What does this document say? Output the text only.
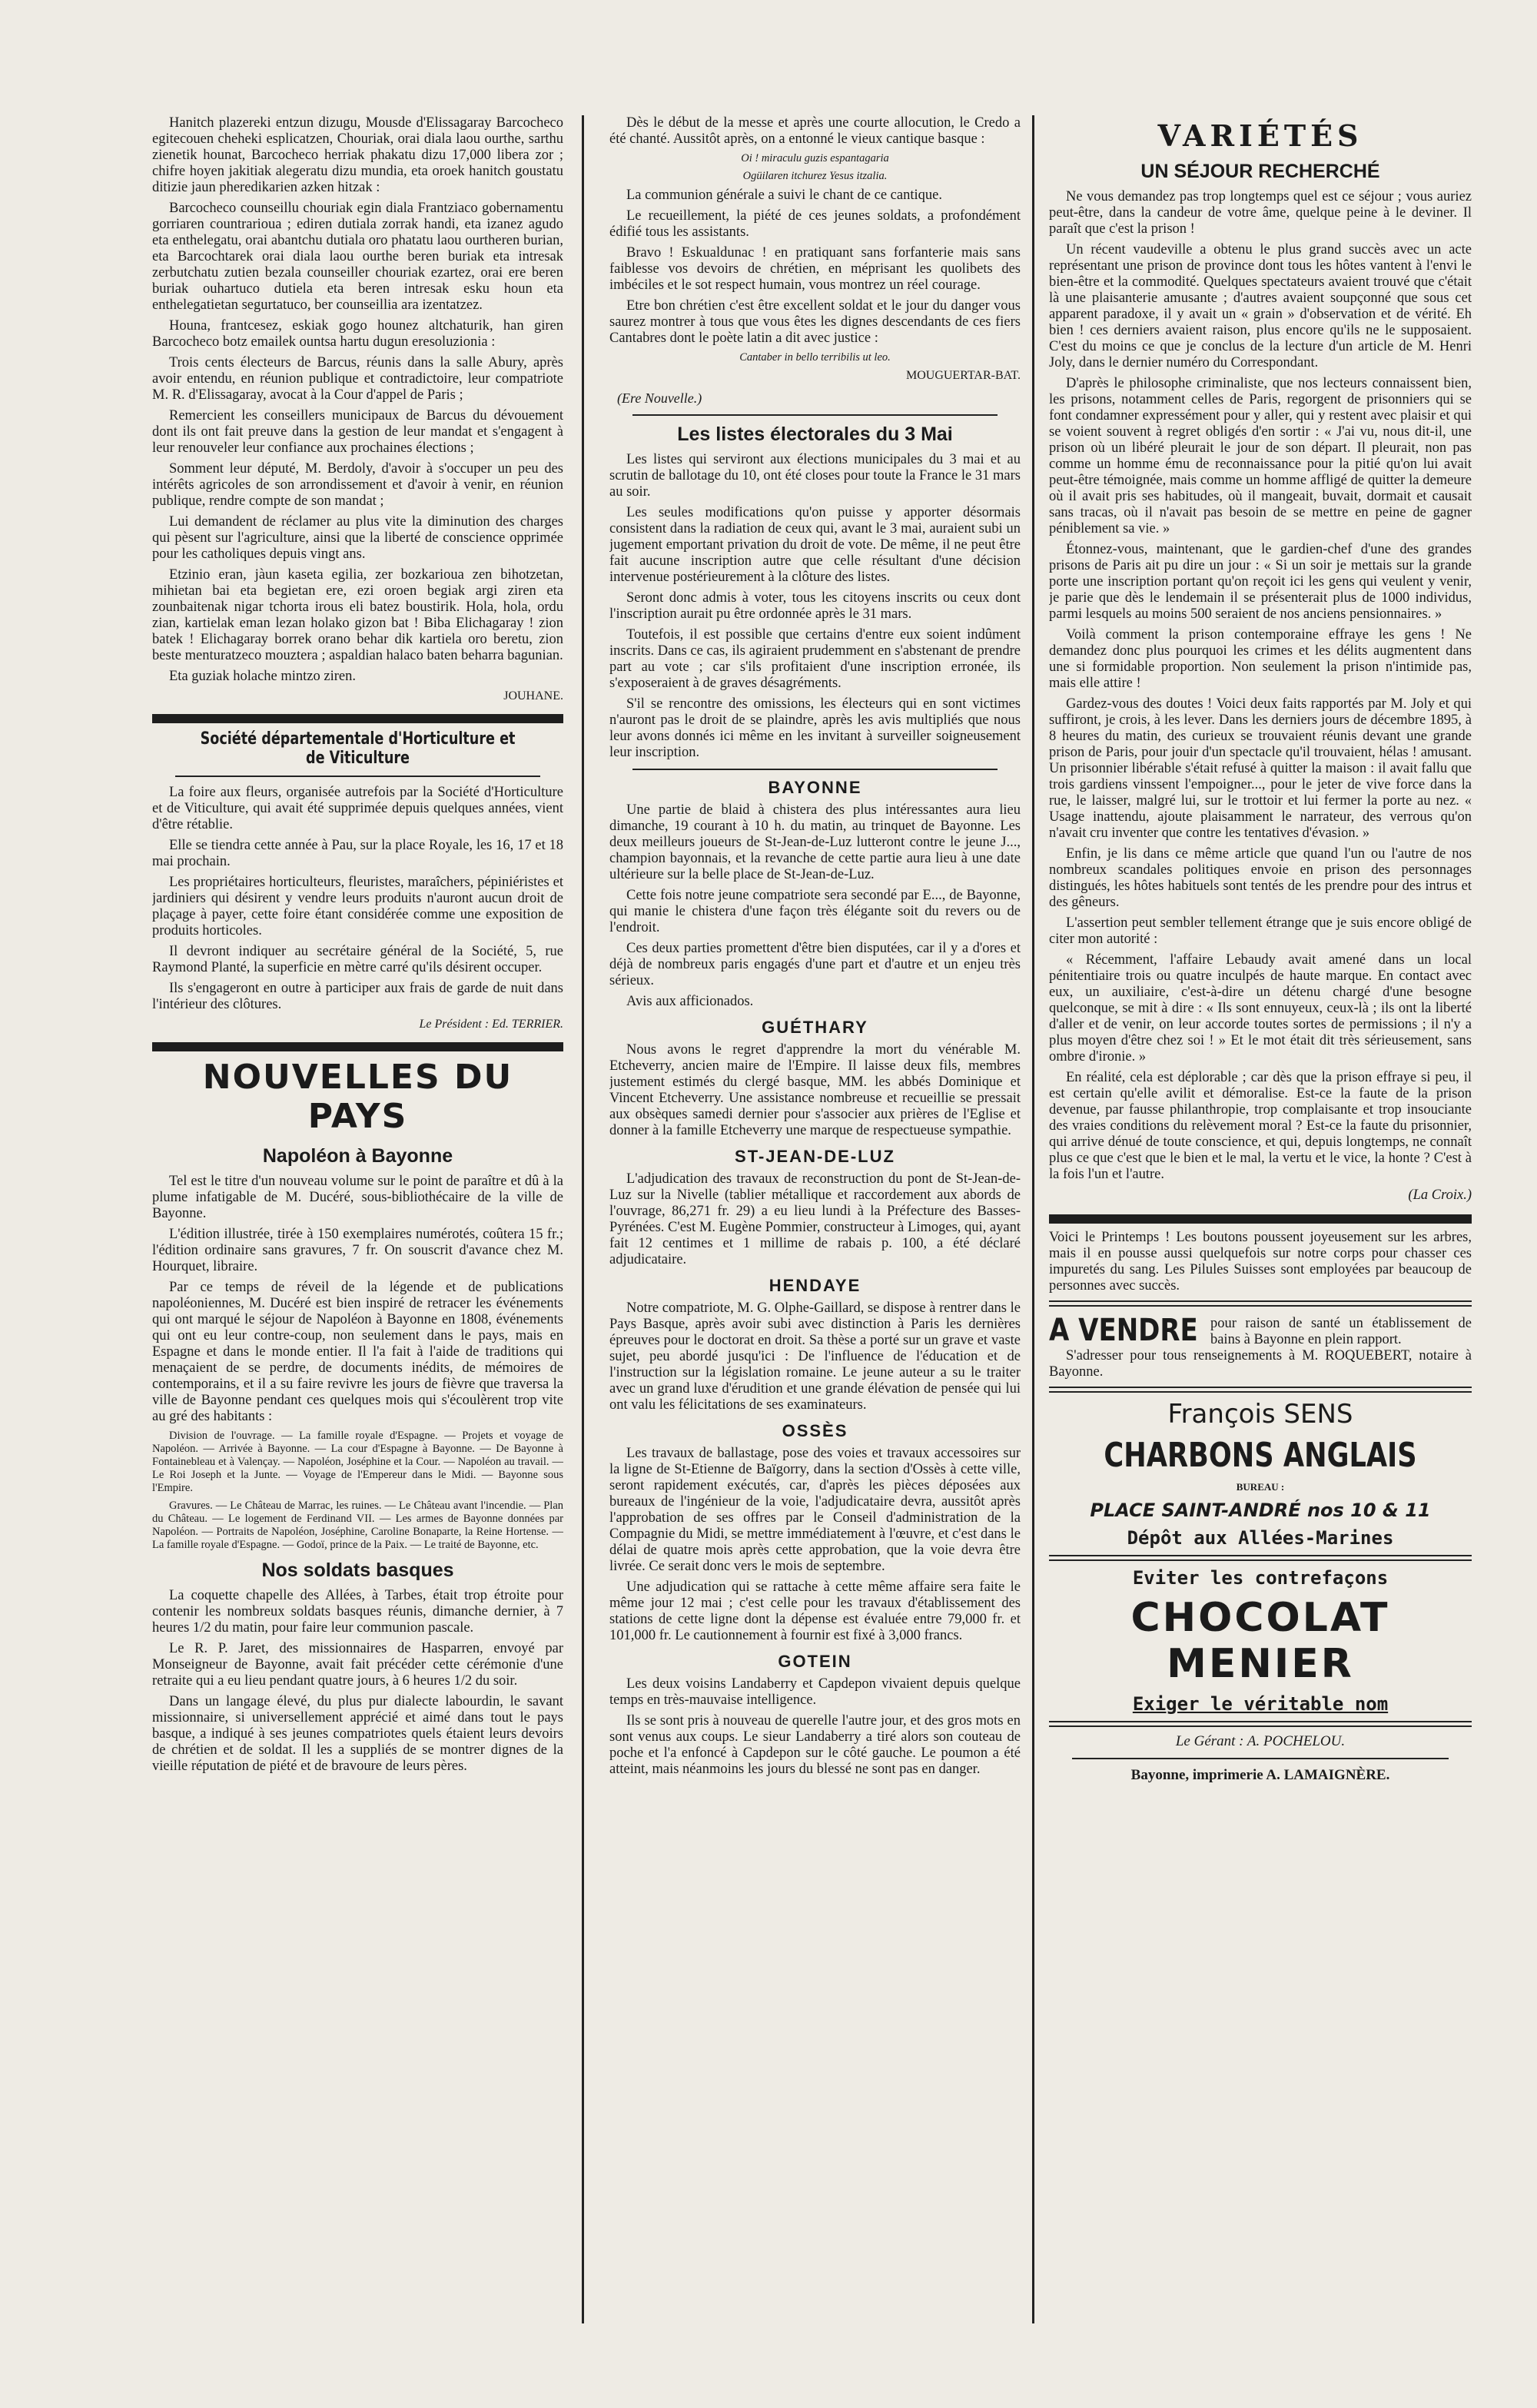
Hanitch plazereki entzun dizugu, Mousde d'Elissagaray Barcocheco egitecouen cheheki esplicatzen, Chouriak, orai diala laou ourthe, sarthu zienetik hounat, Barcocheco herriak phakatu dizu 17,000 libera zor ; chifre hoyen jakitiak alegeratu dizu mundia, eta oroek hanitch goustatu ditizie jaun pheredikarien azken hitzak :

Barcocheco counseillu chouriak egin diala Frantziaco gobernamentu gorriaren countrarioua ; ediren dutiala zorrak handi, eta izanez agudo eta enthelegatu, orai abantchu dutiala oro phatatu laou ourtheren burian, eta Barcochtarek orai diala laou ourthe beren buriak eta intresak zerbutchatu zutien bezala counseiller chouriak ezartez, orai ere beren buriak ouhartuco dutiela eta beren intresak esku houn eta enthelegatietan segurtatuco, ber counseillia ara izentatzez.

Houna, frantcesez, eskiak gogo hounez altchaturik, han giren Barcocheco botz emailek ountsa hartu dugun eresoluzionia :

Trois cents électeurs de Barcus, réunis dans la salle Abury, après avoir entendu, en réunion publique et contradictoire, leur compatriote M. R. d'Elissagaray, avocat à la Cour d'appel de Paris ;

Remercient les conseillers municipaux de Barcus du dévouement dont ils ont fait preuve dans la gestion de leur mandat et s'engagent à leur renouveler leur confiance aux prochaines élections ;

Somment leur député, M. Berdoly, d'avoir à s'occuper un peu des intérêts agricoles de son arrondissement et d'avoir à venir, en réunion publique, rendre compte de son mandat ;

Lui demandent de réclamer au plus vite la diminution des charges qui pèsent sur l'agriculture, ainsi que la liberté de conscience opprimée pour les catholiques depuis vingt ans.

Etzinio eran, jàun kaseta egilia, zer bozkarioua zen bihotzetan, mihietan bai eta begietan ere, ezi oroen begiak argi ziren eta zounbaitenak nigar tchorta irous eli batez boustirik. Hola, hola, ordu zian, kartielak eman lezan holako gizon bat ! Biba Elichagaray ! zion batek ! Elichagaray borrek orano behar dik kartiela oro beretu, zion beste menturatzeco mouztera ; aspaldian halaco baten beharra bagunian.

Eta guziak holache mintzo ziren.

JOUHANE.
Société départementale d'Horticulture et de Viticulture

La foire aux fleurs, organisée autrefois par la Société d'Horticulture et de Viticulture, qui avait été supprimée depuis quelques années, vient d'être rétablie.

Elle se tiendra cette année à Pau, sur la place Royale, les 16, 17 et 18 mai prochain.

Les propriétaires horticulteurs, fleuristes, maraîchers, pépiniéristes et jardiniers qui désirent y vendre leurs produits n'auront aucun droit de plaçage à payer, cette foire étant considérée comme une exposition de produits horticoles.

Il devront indiquer au secrétaire général de la Société, 5, rue Raymond Planté, la superficie en mètre carré qu'ils désirent occuper.

Ils s'engageront en outre à participer aux frais de garde de nuit dans l'intérieur des clôtures.

Le Président : Ed. TERRIER.
NOUVELLES DU PAYS
Napoléon à Bayonne

Tel est le titre d'un nouveau volume sur le point de paraître et dû à la plume infatigable de M. Ducéré, sous-bibliothécaire de la ville de Bayonne.

L'édition illustrée, tirée à 150 exemplaires numérotés, coûtera 15 fr.; l'édition ordinaire sans gravures, 7 fr. On souscrit d'avance chez M. Hourquet, libraire.

Par ce temps de réveil de la légende et de publications napoléoniennes, M. Ducéré est bien inspiré de retracer les événements qui ont marqué le séjour de Napoléon à Bayonne en 1808, événements qui ont eu leur contre-coup, non seulement dans le pays, mais en Espagne et dans le monde entier. Il l'a fait à l'aide de traditions qui menaçaient de se perdre, de documents inédits, de mémoires de contemporains, et il a su faire revivre les jours de fièvre que traversa la ville de Bayonne pendant ces quelques mois qui s'écoulèrent trop vite au gré des habitants :

Division de l'ouvrage. — La famille royale d'Espagne. — Projets et voyage de Napoléon. — Arrivée à Bayonne. — La cour d'Espagne à Bayonne. — De Bayonne à Fontainebleau et à Valençay. — Napoléon, Joséphine et la Cour. — Napoléon au travail. — Le Roi Joseph et la Junte. — Voyage de l'Empereur dans le Midi. — Bayonne sous l'Empire.

Gravures. — Le Château de Marrac, les ruines. — Le Château avant l'incendie. — Plan du Château. — Le logement de Ferdinand VII. — Les armes de Bayonne données par Napoléon. — Portraits de Napoléon, Joséphine, Caroline Bonaparte, la Reine Hortense. — La famille royale d'Espagne. — Godoï, prince de la Paix. — Le traité de Bayonne, etc.

Nos soldats basques

La coquette chapelle des Allées, à Tarbes, était trop étroite pour contenir les nombreux soldats basques réunis, dimanche dernier, à 7 heures 1/2 du matin, pour faire leur communion pascale.

Le R. P. Jaret, des missionnaires de Hasparren, envoyé par Monseigneur de Bayonne, avait fait précéder cette cérémonie d'une retraite qui a eu lieu pendant quatre jours, à 6 heures 1/2 du soir.

Dans un langage élevé, du plus pur dialecte labourdin, le savant missionnaire, si universellement apprécié et aimé dans tout le pays basque, a indiqué à ses jeunes compatriotes quels étaient leurs devoirs de chrétien et de soldat. Il les a suppliés de se montrer dignes de la vieille réputation de piété et de bravoure de leurs pères.

Dès le début de la messe et après une courte allocution, le Credo a été chanté. Aussitôt après, on a entonné le vieux cantique basque :

Oi ! miraculu guzis espantagaria

Ogüilaren itchurez Yesus itzalia.

La communion générale a suivi le chant de ce cantique.

Le recueillement, la piété de ces jeunes soldats, a profondément édifié tous les assistants.

Bravo ! Eskualdunac ! en pratiquant sans forfanterie mais sans faiblesse vos devoirs de chrétien, en méprisant les quolibets des imbéciles et le sot respect humain, vous montrez un réel courage.

Etre bon chrétien c'est être excellent soldat et le jour du danger vous saurez montrer à tous que vous êtes les dignes descendants de ces fiers Cantabres dont le poète latin a dit avec justice :

Cantaber in bello terribilis ut leo.

MOUGUERTAR-BAT.
(Ere Nouvelle.)
Les listes électorales du 3 Mai

Les listes qui serviront aux élections municipales du 3 mai et au scrutin de ballotage du 10, ont été closes pour toute la France le 31 mars au soir.

Les seules modifications qu'on puisse y apporter désormais consistent dans la radiation de ceux qui, avant le 3 mai, auraient subi un jugement emportant privation du droit de vote. De même, il ne peut être fait aucune inscription autre que celle résultant d'une décision intervenue postérieurement à la clôture des listes.

Seront donc admis à voter, tous les citoyens inscrits ou ceux dont l'inscription aurait pu être ordonnée après le 31 mars.

Toutefois, il est possible que certains d'entre eux soient indûment inscrits. Dans ce cas, ils agiraient prudemment en s'abstenant de prendre part au vote ; car s'ils profitaient d'une inscription erronée, ils s'exposeraient à de graves désagréments.

S'il se rencontre des omissions, les électeurs qui en sont victimes n'auront pas le droit de se plaindre, après les avis multipliés que nous leur avons donnés ici même en les invitant à surveiller soigneusement leur inscription.

BAYONNE

Une partie de blaid à chistera des plus intéressantes aura lieu dimanche, 19 courant à 10 h. du matin, au trinquet de Bayonne. Les deux meilleurs joueurs de St-Jean-de-Luz lutteront contre le jeune J..., champion bayonnais, et la revanche de cette partie aura lieu à une date ultérieure sur la belle place de St-Jean-de-Luz.

Cette fois notre jeune compatriote sera secondé par E..., de Bayonne, qui manie le chistera d'une façon très élégante soit du revers ou de l'endroit.

Ces deux parties promettent d'être bien disputées, car il y a d'ores et déjà de nombreux paris engagés d'une part et d'autre et un enjeu très sérieux.

Avis aux afficionados.

GUÉTHARY

Nous avons le regret d'apprendre la mort du vénérable M. Etcheverry, ancien maire de l'Empire. Il laisse deux fils, membres justement estimés du clergé basque, MM. les abbés Dominique et Vincent Etcheverry. Une assistance nombreuse et recueillie se pressait aux obsèques samedi dernier pour s'associer aux prières de l'Eglise et donner à la famille Etcheverry une marque de respectueuse sympathie.

ST-JEAN-DE-LUZ

L'adjudication des travaux de reconstruction du pont de St-Jean-de-Luz sur la Nivelle (tablier métallique et raccordement aux abords de l'ouvrage, 86,271 fr. 29) a eu lieu lundi à la Préfecture des Basses-Pyrénées. C'est M. Eugène Pommier, constructeur à Limoges, qui, ayant fait 12 centimes et 1 millime de rabais p. 100, a été déclaré adjudicataire.

HENDAYE

Notre compatriote, M. G. Olphe-Gaillard, se dispose à rentrer dans le Pays Basque, après avoir subi avec distinction à Paris les dernières épreuves pour le doctorat en droit. Sa thèse a porté sur un grave et vaste sujet, peu abordé jusqu'ici : De l'influence de l'éducation et de l'instruction sur la législation romaine. Le jeune auteur a su le traiter avec un grand luxe d'érudition et une grande élévation de pensée qui lui ont valu les félicitations de ses examinateurs.

OSSÈS

Les travaux de ballastage, pose des voies et travaux accessoires sur la ligne de St-Etienne de Baïgorry, dans la section d'Ossès à cette ville, seront rapidement exécutés, car, d'après les pièces déposées aux bureaux de l'ingénieur de la voie, l'adjudicataire devra, aussitôt après l'approbation de ses offres par le Conseil d'administration de la Compagnie du Midi, se mettre immédiatement à l'œuvre, et c'est dans le délai de quatre mois après cette approbation, que la voie devra être livrée. Ce serait donc vers le mois de septembre.

Une adjudication qui se rattache à cette même affaire sera faite le même jour 12 mai ; c'est celle pour les travaux d'établissement des stations de cette ligne dont la dépense est évaluée entre 79,000 fr. et 101,000 fr. Le cautionnement à fournir est fixé à 3,000 francs.

GOTEIN

Les deux voisins Landaberry et Capdepon vivaient depuis quelque temps en très-mauvaise intelligence.

Ils se sont pris à nouveau de querelle l'autre jour, et des gros mots en sont venus aux coups. Le sieur Landaberry a tiré alors son couteau de poche et l'a enfoncé à Capdepon sur le côté gauche. Le poumon a été atteint, mais néanmoins les jours du blessé ne sont pas en danger.

VARIÉTÉS
UN SÉJOUR RECHERCHÉ

Ne vous demandez pas trop longtemps quel est ce séjour ; vous auriez peut-être, dans la candeur de votre âme, quelque peine à le deviner. Il paraît que c'est la prison !

Un récent vaudeville a obtenu le plus grand succès avec un acte représentant une prison de province dont tous les hôtes vantent à l'envi le bien-être et la commodité. Quelques spectateurs avaient trouvé que c'était là une plaisanterie amusante ; d'autres avaient soupçonné que sous cet apparent paradoxe, il y avait un « grain » d'observation et de vérité. Eh bien ! ces derniers avaient raison, plus encore qu'ils ne le supposaient. C'est du moins ce que je conclus de la lecture d'un article de M. Henri Joly, dans le dernier numéro du Correspondant.

D'après le philosophe criminaliste, que nos lecteurs connaissent bien, les prisons, notamment celles de Paris, regorgent de prisonniers qui se font condamner expressément pour y aller, qui y restent avec plaisir et qui se voient souvent à regret obligés d'en sortir : « J'ai vu, nous dit-il, une prison où un libéré pleurait le jour de son départ. Il pleurait, non pas comme un homme ému de reconnaissance pour la pitié qu'on lui avait peut-être témoignée, mais comme un homme affligé de quitter la demeure où il avait pris ses habitudes, où il mangeait, buvait, dormait et causait sans tracas, où il n'avait pas besoin de se mettre en peine de gagner péniblement sa vie. »

Étonnez-vous, maintenant, que le gardien-chef d'une des grandes prisons de Paris ait pu dire un jour : « Si un soir je mettais sur la grande porte une inscription portant qu'on reçoit ici les gens qui veulent y venir, je parie que dès le lendemain il se présenterait plus de 1000 individus, parmi lesquels au moins 500 seraient de nos anciens pensionnaires. »

Voilà comment la prison contemporaine effraye les gens ! Ne demandez donc plus pourquoi les crimes et les délits augmentent dans une si formidable proportion. Non seulement la prison n'intimide pas, mais elle attire !

Gardez-vous des doutes ! Voici deux faits rapportés par M. Joly et qui suffiront, je crois, à les lever. Dans les derniers jours de décembre 1895, à 8 heures du matin, des curieux se trouvaient réunis devant une grande prison de Paris, pour jouir d'un spectacle qu'il trouvaient, hélas ! amusant. Un prisonnier libérable s'était refusé à quitter la maison : il avait fallu que trois gardiens vinssent l'empoigner..., pour le jeter de vive force dans la rue, le laisser, malgré lui, sur le trottoir et lui fermer la porte au nez. « Usage inattendu, ajoute plaisamment le narrateur, des verrous qu'on n'avait cru inventer que contre les tentatives d'évasion. »

Enfin, je lis dans ce même article que quand l'un ou l'autre de nos nombreux scandales politiques envoie en prison des personnages distingués, les hôtes habituels sont tentés de les prendre pour des intrus et des gêneurs.

L'assertion peut sembler tellement étrange que je suis encore obligé de citer mon autorité :

« Récemment, l'affaire Lebaudy avait amené dans un local pénitentiaire trois ou quatre inculpés de haute marque. En contact avec eux, un auxiliaire, c'est-à-dire un détenu chargé d'une besogne quelconque, se mit à dire : « Ils sont ennuyeux, ceux-là ; ils ont la liberté d'aller et de venir, on leur accorde toutes sortes de permissions ; il n'y a plus moyen d'être chez soi ! » Et le mot était dit très sérieusement, sans ombre d'ironie. »

En réalité, cela est déplorable ; car dès que la prison effraye si peu, il est certain qu'elle avilit et démoralise. Est-ce la faute de la prison devenue, par fausse philanthropie, trop complaisante et trop insouciante des vraies conditions du relèvement moral ? Est-ce la faute du prisonnier, qui arrive dénué de toute conscience, et qui, depuis longtemps, ne connaît plus ce que c'est que le bien et le mal, la vertu et le vice, la honte ? C'est à la fois l'un et l'autre.

(La Croix.)

Voici le Printemps ! Les boutons poussent joyeusement sur les arbres, mais il en pousse aussi quelquefois sur notre corps pour chasser ces impuretés du sang. Les Pilules Suisses sont employées par beaucoup de personnes avec succès.

A VENDRE pour raison de santé un établissement de bains à Bayonne en plein rapport.

S'adresser pour tous renseignements à M. ROQUEBERT, notaire à Bayonne.

François SENS
CHARBONS ANGLAIS
BUREAU :
PLACE SAINT-ANDRÉ nos 10 & 11
Dépôt aux Allées-Marines
Eviter les contrefaçons
CHOCOLAT
MENIER
Exiger le véritable nom
Le Gérant : A. POCHELOU.
Bayonne, imprimerie A. LAMAIGNÈRE.
